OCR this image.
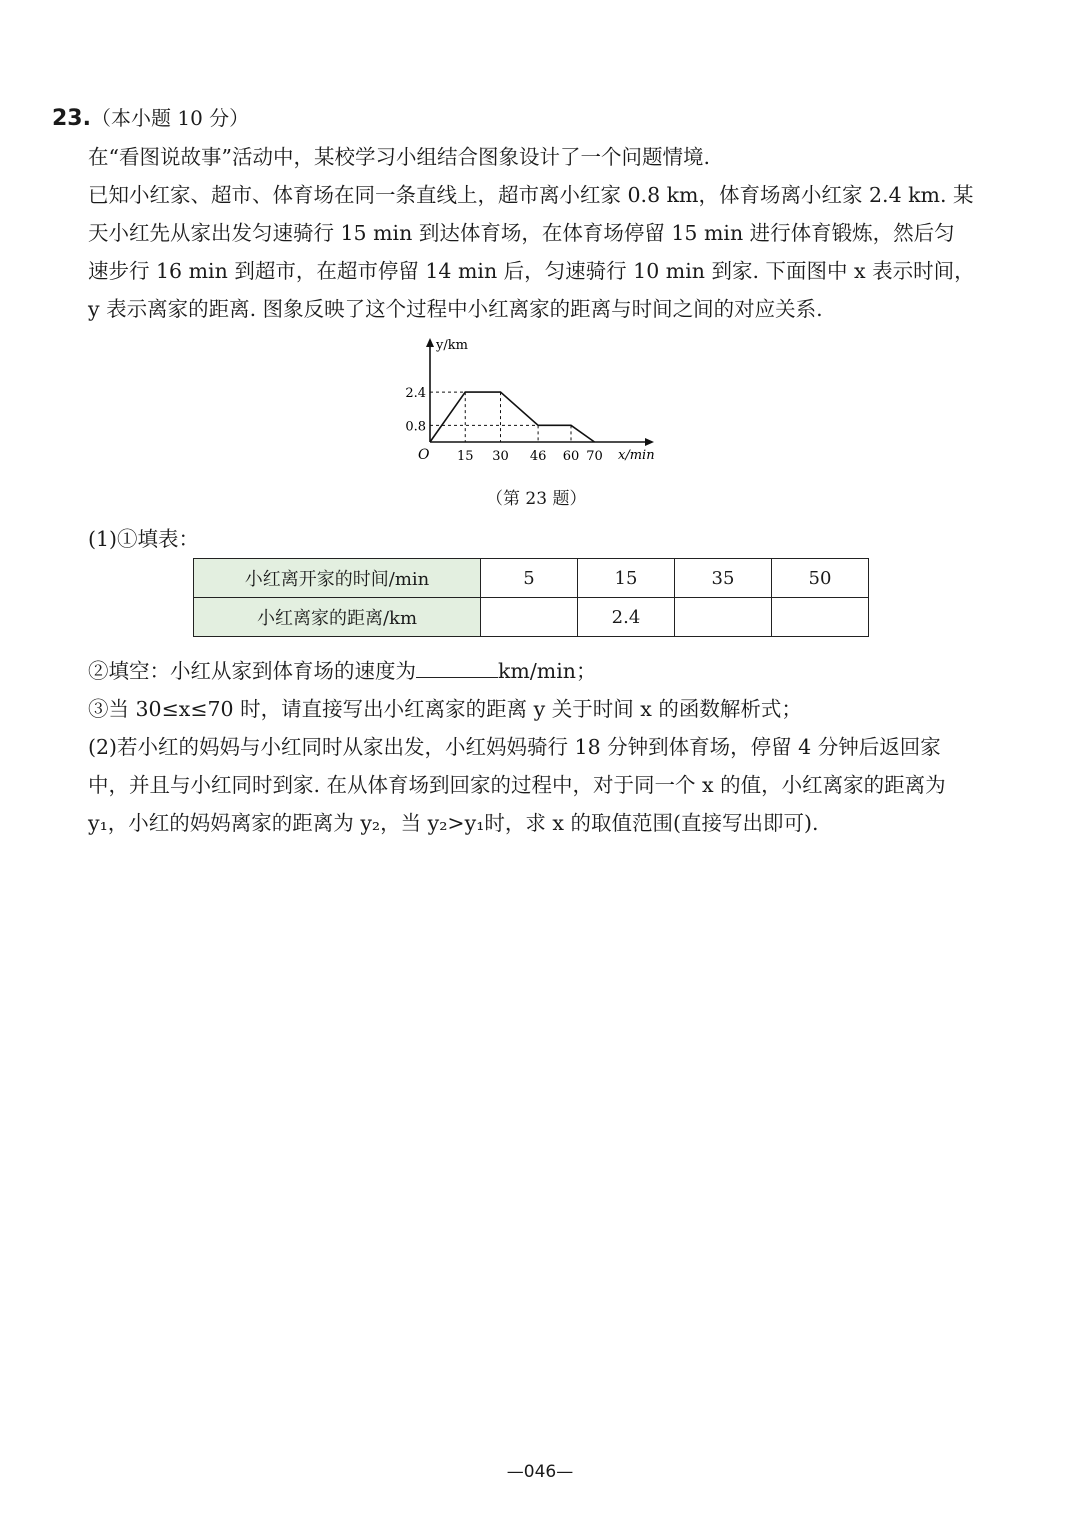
23.（本小题 10 分）
在“看图说故事”活动中，某校学习小组结合图象设计了一个问题情境.
已知小红家、超市、体育场在同一条直线上，超市离小红家 0.8 km，体育场离小红家 2.4 km. 某
天小红先从家出发匀速骑行 15 min 到达体育场，在体育场停留 15 min 进行体育锻炼，然后匀
速步行 16 min 到超市，在超市停留 14 min 后，匀速骑行 10 min 到家. 下面图中 x 表示时间，
y 表示离家的距离. 图象反映了这个过程中小红离家的距离与时间之间的对应关系.
y/km
x/min
O
2.4
0.8
15 30 46 60 70
（第 23 题）
(1)①填表：
小红离开家的时间/min	5	15	35	50
小红离家的距离/km		2.4		
②填空：小红从家到体育场的速度为	km/min；
③当 30≤x≤70 时，请直接写出小红离家的距离 y 关于时间 x 的函数解析式；
(2)若小红的妈妈与小红同时从家出发，小红妈妈骑行 18 分钟到体育场，停留 4 分钟后返回家
中，并且与小红同时到家. 在从体育场到回家的过程中，对于同一个 x 的值，小红离家的距离为
y₁，小红的妈妈离家的距离为 y₂，当 y₂>y₁时，求 x 的取值范围(直接写出即可).
—046—
